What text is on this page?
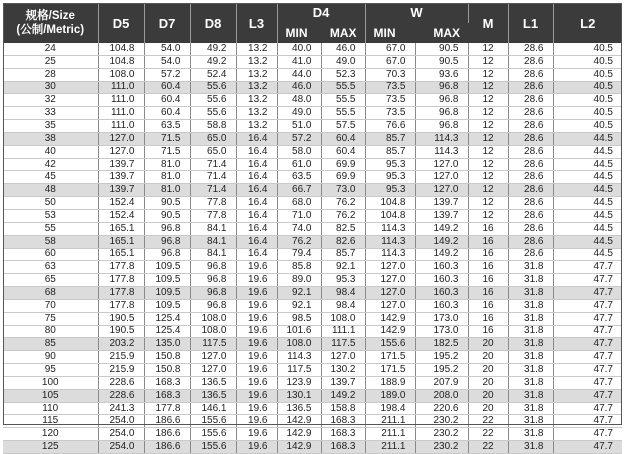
规格/Size
(公制/Metric)	D5	D7	D8	L3	D4		W		M	L1	L2
					MIN	MAX	MIN	MAX			
24	104.8	54.0	49.2	13.2	40.0	46.0	67.0	90.5	12	28.6	40.5
25	104.8	54.0	49.2	13.2	41.0	49.0	67.0	90.5	12	28.6	40.5
28	108.0	57.2	52.4	13.2	44.0	52.3	70.3	93.6	12	28.6	40.5
30	111.0	60.4	55.6	13.2	46.0	55.5	73.5	96.8	12	28.6	40.5
32	111.0	60.4	55.6	13.2	48.0	55.5	73.5	96.8	12	28.6	40.5
33	111.0	60.4	55.6	13.2	49.0	55.5	73.5	96.8	12	28.6	40.5
35	111.0	63.5	58.8	13.2	51.0	57.5	76.6	96.8	12	28.6	40.5
38	127.0	71.5	65.0	16.4	57.2	60.4	85.7	114.3	12	28.6	44.5
40	127.0	71.5	65.0	16.4	58.0	60.4	85.7	114.3	12	28.6	44.5
42	139.7	81.0	71.4	16.4	61.0	69.9	95.3	127.0	12	28.6	44.5
45	139.7	81.0	71.4	16.4	63.5	69.9	95.3	127.0	12	28.6	44.5
48	139.7	81.0	71.4	16.4	66.7	73.0	95.3	127.0	12	28.6	44.5
50	152.4	90.5	77.8	16.4	68.0	76.2	104.8	139.7	12	28.6	44.5
53	152.4	90.5	77.8	16.4	71.0	76.2	104.8	139.7	12	28.6	44.5
55	165.1	96.8	84.1	16.4	74.0	82.5	114.3	149.2	16	28.6	44.5
58	165.1	96.8	84.1	16.4	76.2	82.6	114.3	149.2	16	28.6	44.5
60	165.1	96.8	84.1	16.4	79.4	85.7	114.3	149.2	16	28.6	44.5
63	177.8	109.5	96.8	19.6	85.8	92.1	127.0	160.3	16	31.8	47.7
65	177.8	109.5	96.8	19.6	89.0	95.3	127.0	160.3	16	31.8	47.7
68	177.8	109.5	96.8	19.6	92.1	98.4	127.0	160.3	16	31.8	47.7
70	177.8	109.5	96.8	19.6	92.1	98.4	127.0	160.3	16	31.8	47.7
75	190.5	125.4	108.0	19.6	98.5	108.0	142.9	173.0	16	31.8	47.7
80	190.5	125.4	108.0	19.6	101.6	111.1	142.9	173.0	16	31.8	47.7
85	203.2	135.0	117.5	19.6	108.0	117.5	155.6	182.5	20	31.8	47.7
90	215.9	150.8	127.0	19.6	114.3	127.0	171.5	195.2	20	31.8	47.7
95	215.9	150.8	127.0	19.6	117.5	130.2	171.5	195.2	20	31.8	47.7
100	228.6	168.3	136.5	19.6	123.9	139.7	188.9	207.9	20	31.8	47.7
105	228.6	168.3	136.5	19.6	130.1	149.2	189.0	208.0	20	31.8	47.7
110	241.3	177.8	146.1	19.6	136.5	158.8	198.4	220.6	20	31.8	47.7
115	254.0	186.6	155.6	19.6	142.9	168.3	211.1	230.2	22	31.8	47.7
120	254.0	186.6	155.6	19.6	142.9	168.3	211.1	230.2	22	31.8	47.7
125	254.0	186.6	155.6	19.6	142.9	168.3	211.1	230.2	22	31.8	47.7
